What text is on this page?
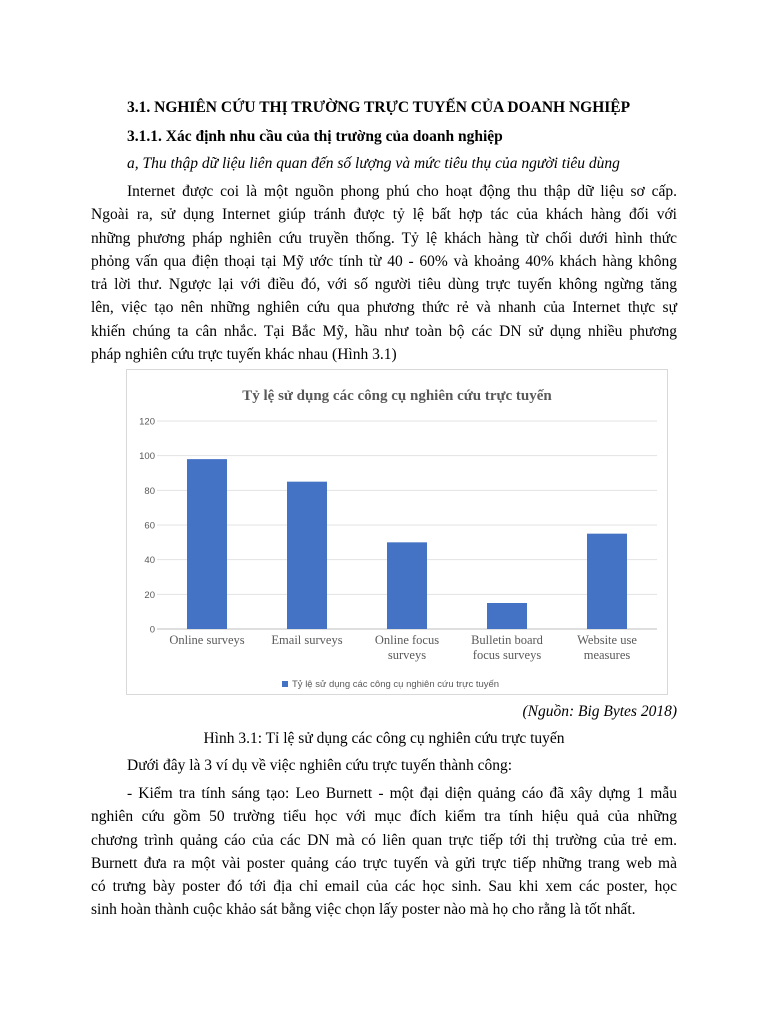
3.1. NGHIÊN CỨU THỊ TRƯỜNG TRỰC TUYẾN CỦA DOANH NGHIỆP
3.1.1. Xác định nhu cầu của thị trường của doanh nghiệp
a, Thu thập dữ liệu liên quan đến số lượng và mức tiêu thụ của người tiêu dùng
Internet được coi là một nguồn phong phú cho hoạt động thu thập dữ liệu sơ cấp.
Ngoài ra, sử dụng Internet giúp tránh được tỷ lệ bất hợp tác của khách hàng đối với
những phương pháp nghiên cứu truyền thống. Tỷ lệ khách hàng từ chối dưới hình thức
phỏng vấn qua điện thoại tại Mỹ ước tính từ 40 - 60% và khoảng 40% khách hàng không
trả lời thư. Ngược lại với điều đó, với số người tiêu dùng trực tuyến không ngừng tăng
lên, việc tạo nên những nghiên cứu qua phương thức rẻ và nhanh của Internet thực sự
khiến chúng ta cân nhắc. Tại Bắc Mỹ, hầu như toàn bộ các DN sử dụng nhiều phương
pháp nghiên cứu trực tuyến khác nhau (Hình 3.1)
Tỷ lệ sử dụng các công cụ nghiên cứu trực tuyến
0
20
40
60
80
100
120
Online surveys Email surveys	Online focus
surveys
Bulletin board
focus surveys
Website use
measures
Tỷ lệ sử dụng các công cụ nghiên cứu trực tuyến
(Nguồn: Big Bytes 2018)
Hình 3.1: Tỉ lệ sử dụng các công cụ nghiên cứu trực tuyến
Dưới đây là 3 ví dụ về việc nghiên cứu trực tuyến thành công:
- Kiểm tra tính sáng tạo: Leo Burnett - một đại diện quảng cáo đã xây dựng 1 mẫu
nghiên cứu gồm 50 trường tiểu học với mục đích kiểm tra tính hiệu quả của những
chương trình quảng cáo của các DN mà có liên quan trực tiếp tới thị trường của trẻ em.
Burnett đưa ra một vài poster quảng cáo trực tuyến và gửi trực tiếp những trang web mà
có trưng bày poster đó tới địa chỉ email của các học sinh. Sau khi xem các poster, học
sinh hoàn thành cuộc khảo sát bằng việc chọn lấy poster nào mà họ cho rằng là tốt nhất.
